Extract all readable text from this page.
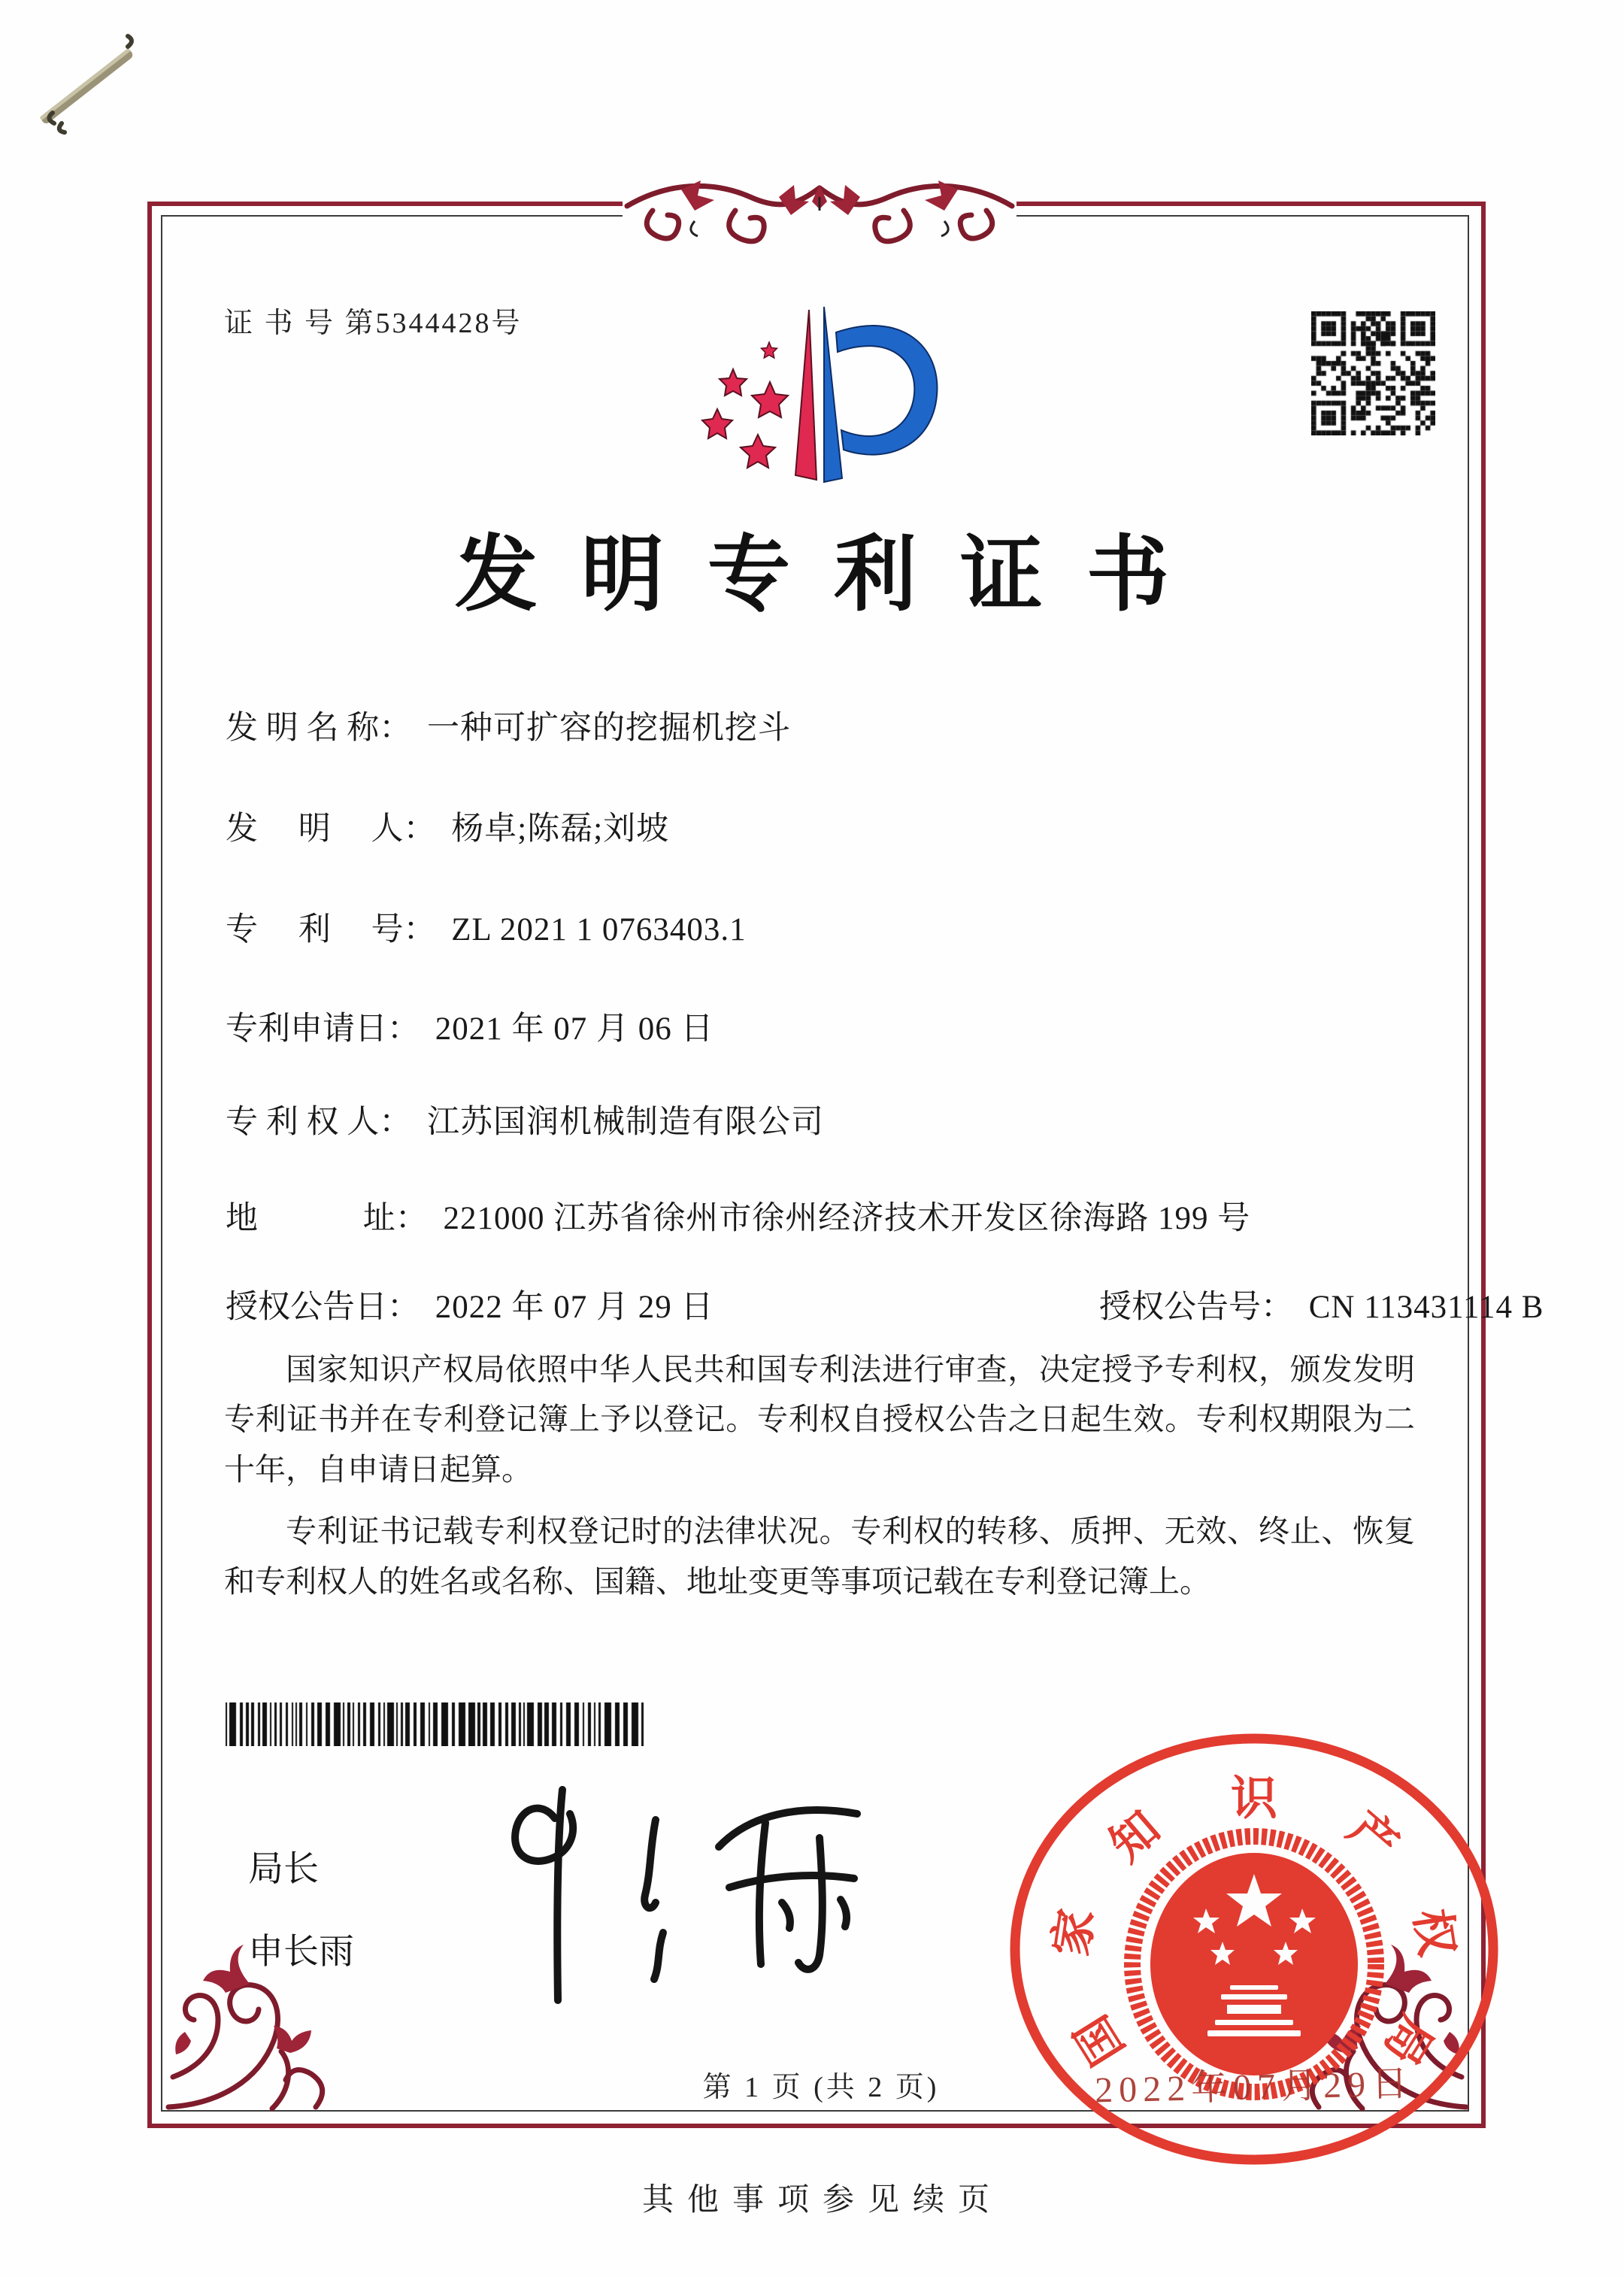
证 书 号 第5344428号
发明专利证书
发 明 名 称： 一种可扩容的挖掘机挖斗
发　 明　 人： 杨卓;陈磊;刘坡
专　 利　 号： ZL 2021 1 0763403.1
专利申请日： 2021 年 07 月 06 日
专 利 权 人： 江苏国润机械制造有限公司
地　　　 址： 221000 江苏省徐州市徐州经济技术开发区徐海路 199 号
授权公告日： 2022 年 07 月 29 日	授权公告号： CN 113431114 B

国家知识产权局依照中华人民共和国专利法进行审查，决定授予专利权，颁发发明专利证书并在专利登记簿上予以登记。专利权自授权公告之日起生效。专利权期限为二十年，自申请日起算。

专利证书记载专利权登记时的法律状况。专利权的转移、质押、无效、终止、恢复和专利权人的姓名或名称、国籍、地址变更等事项记载在专利登记簿上。

局长
申长雨
国
家
知
识
产
权
局
2022年07月29日
第 1 页 (共 2 页)
其他事项参见续页
